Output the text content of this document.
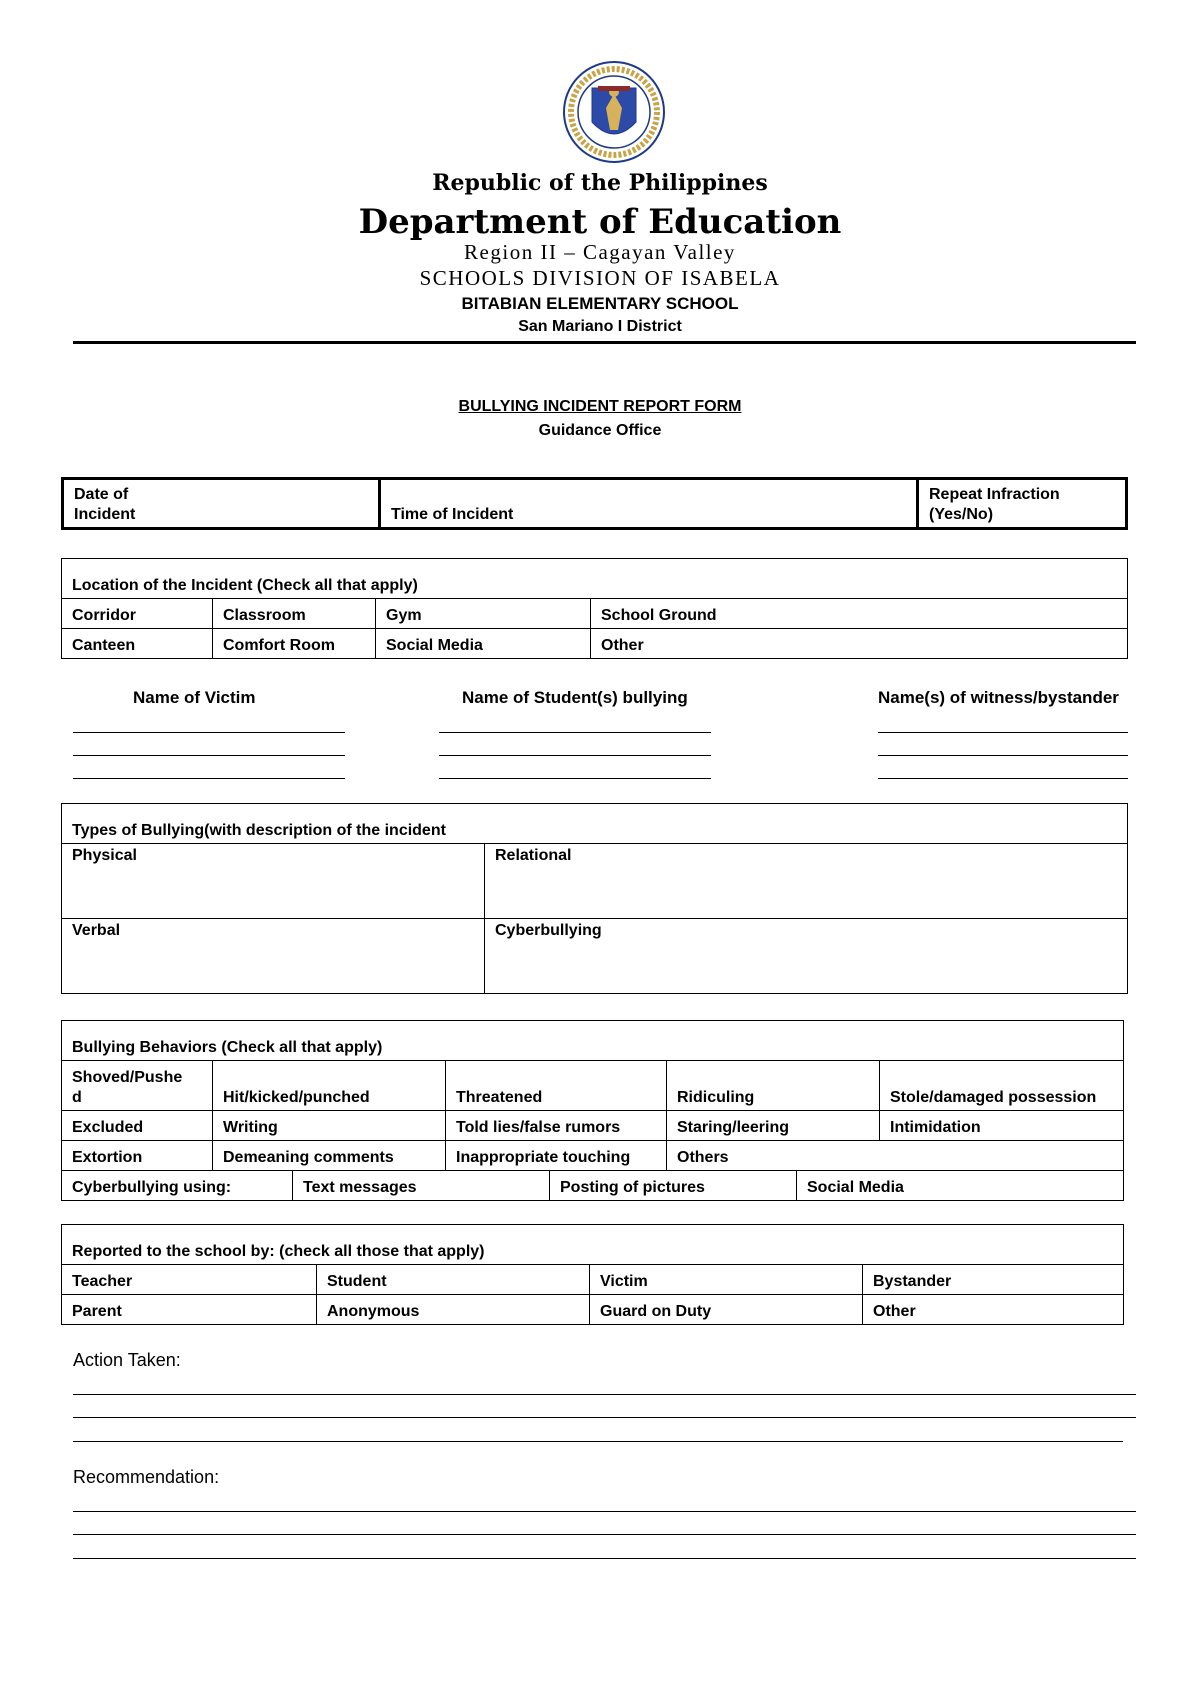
Republic of the Philippines
Department of Education
Region II – Cagayan Valley
SCHOOLS DIVISION OF ISABELA
BITABIAN ELEMENTARY SCHOOL
San Mariano I District
BULLYING INCIDENT REPORT FORM
Guidance Office
Date of Incident	Time of Incident	Repeat Infraction (Yes/No)
Location of the Incident (Check all that apply)			
Corridor	Classroom	Gym	School Ground
Canteen	Comfort Room	Social Media	Other
Name of Victim	Name of Student(s) bullying	Name(s) of witness/bystander
Types of Bullying(with description of the incident	
Physical	Relational
Verbal	Cyberbullying
Bullying Behaviors (Check all that apply)				
Shoved/Pushed	Hit/kicked/punched	Threatened	Ridiculing	Stole/damaged possession
Excluded	Writing	Told lies/false rumors	Staring/leering	Intimidation
Extortion	Demeaning comments	Inappropriate touching	Others	
Cyberbullying using:	Text messages	Posting of pictures	Social Media
Reported to the school by: (check all those that apply)			
Teacher	Student	Victim	Bystander
Parent	Anonymous	Guard on Duty	Other
Action Taken:
Recommendation:
